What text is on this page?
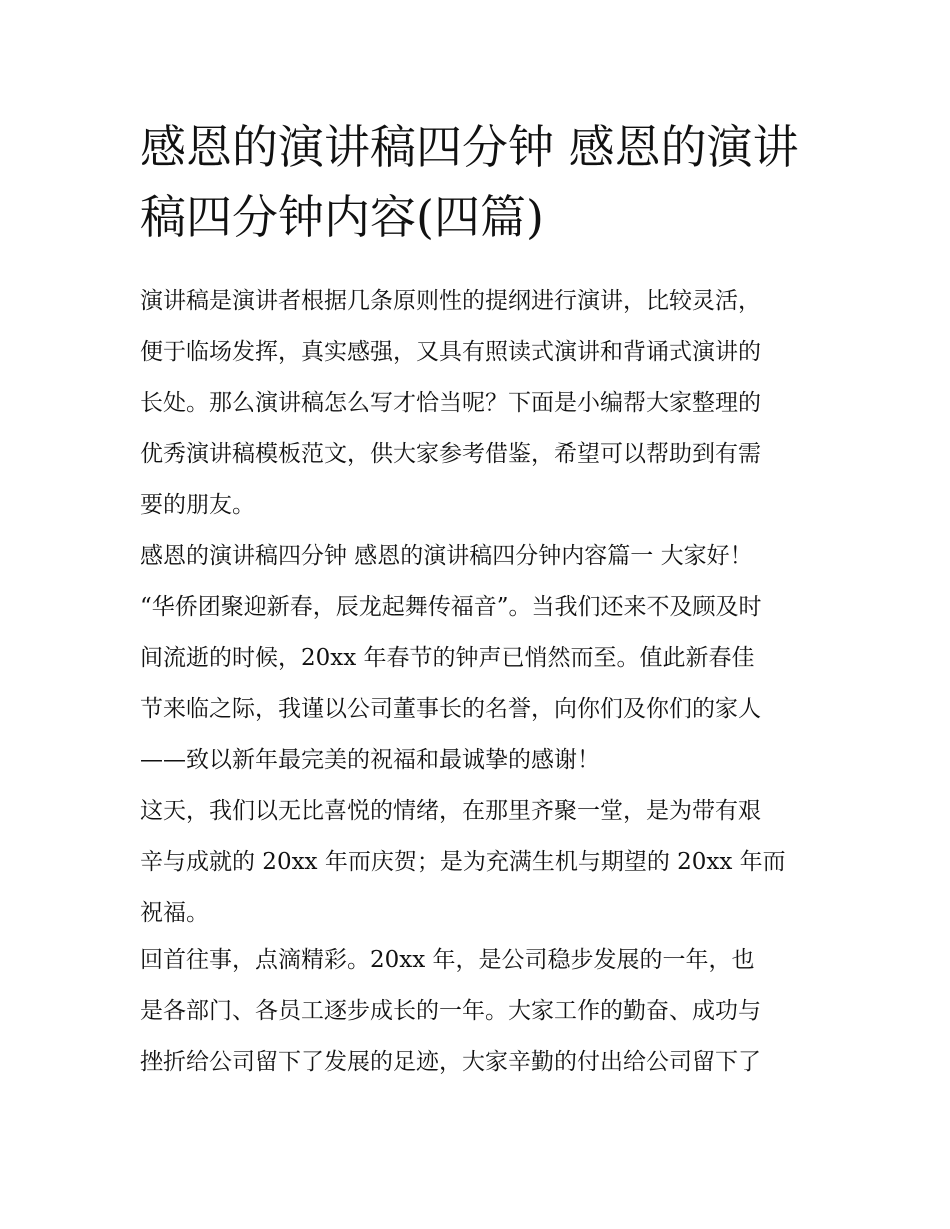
感恩的演讲稿四分钟 感恩的演讲稿四分钟内容(四篇)

演讲稿是演讲者根据几条原则性的提纲进行演讲，比较灵活，

便于临场发挥，真实感强，又具有照读式演讲和背诵式演讲的

长处。那么演讲稿怎么写才恰当呢？下面是小编帮大家整理的

优秀演讲稿模板范文，供大家参考借鉴，希望可以帮助到有需

要的朋友。

感恩的演讲稿四分钟 感恩的演讲稿四分钟内容篇一 大家好！

“华侨团聚迎新春，辰龙起舞传福音”。当我们还来不及顾及时

间流逝的时候，20xx 年春节的钟声已悄然而至。值此新春佳

节来临之际，我谨以公司董事长的名誉，向你们及你们的家人

——致以新年最完美的祝福和最诚挚的感谢！

这天，我们以无比喜悦的情绪，在那里齐聚一堂，是为带有艰

辛与成就的 20xx 年而庆贺；是为充满生机与期望的 20xx 年而

祝福。

回首往事，点滴精彩。20xx 年，是公司稳步发展的一年，也

是各部门、各员工逐步成长的一年。大家工作的勤奋、成功与

挫折给公司留下了发展的足迹，大家辛勤的付出给公司留下了
